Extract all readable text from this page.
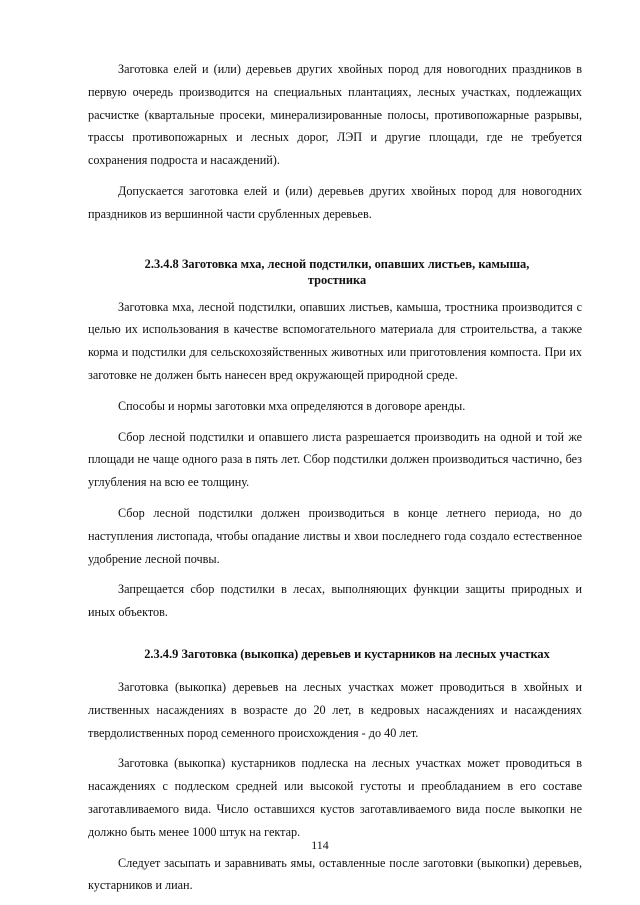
Заготовка елей и (или) деревьев других хвойных пород для новогодних праздников в первую очередь производится на специальных плантациях, лесных участках, подлежащих расчистке (квартальные просеки, минерализированные полосы, противопожарные разрывы, трассы противопожарных и лесных дорог, ЛЭП и другие площади, где не требуется сохранения подроста и насаждений).

Допускается заготовка елей и (или) деревьев других хвойных пород для новогодних праздников из вершинной части срубленных деревьев.

2.3.4.8 Заготовка мха, лесной подстилки, опавших листьев, камыша,
тростника

Заготовка мха, лесной подстилки, опавших листьев, камыша, тростника производится с целью их использования в качестве вспомогательного материала для строительства, а также корма и подстилки для сельскохозяйственных животных или приготовления компоста. При их заготовке не должен быть нанесен вред окружающей природной среде.

Способы и нормы заготовки мха определяются в договоре аренды.

Сбор лесной подстилки и опавшего листа разрешается производить на одной и той же площади не чаще одного раза в пять лет. Сбор подстилки должен производиться частично, без углубления на всю ее толщину.

Сбор лесной подстилки должен производиться в конце летнего периода, но до наступления листопада, чтобы опадание листвы и хвои последнего года создало естественное удобрение лесной почвы.

Запрещается сбор подстилки в лесах, выполняющих функции защиты природных и иных объектов.

2.3.4.9 Заготовка (выкопка) деревьев и кустарников на лесных участках

Заготовка (выкопка) деревьев на лесных участках может проводиться в хвойных и лиственных насаждениях в возрасте до 20 лет, в кедровых насаждениях и насаждениях твердолиственных пород семенного происхождения - до 40 лет.

Заготовка (выкопка) кустарников подлеска на лесных участках может проводиться в насаждениях с подлеском средней или высокой густоты и преобладанием в его составе заготавливаемого вида. Число оставшихся кустов заготавливаемого вида после выкопки не должно быть менее 1000 штук на гектар.

Следует засыпать и заравнивать ямы, оставленные после заготовки (выкопки) деревьев, кустарников и лиан.

114
